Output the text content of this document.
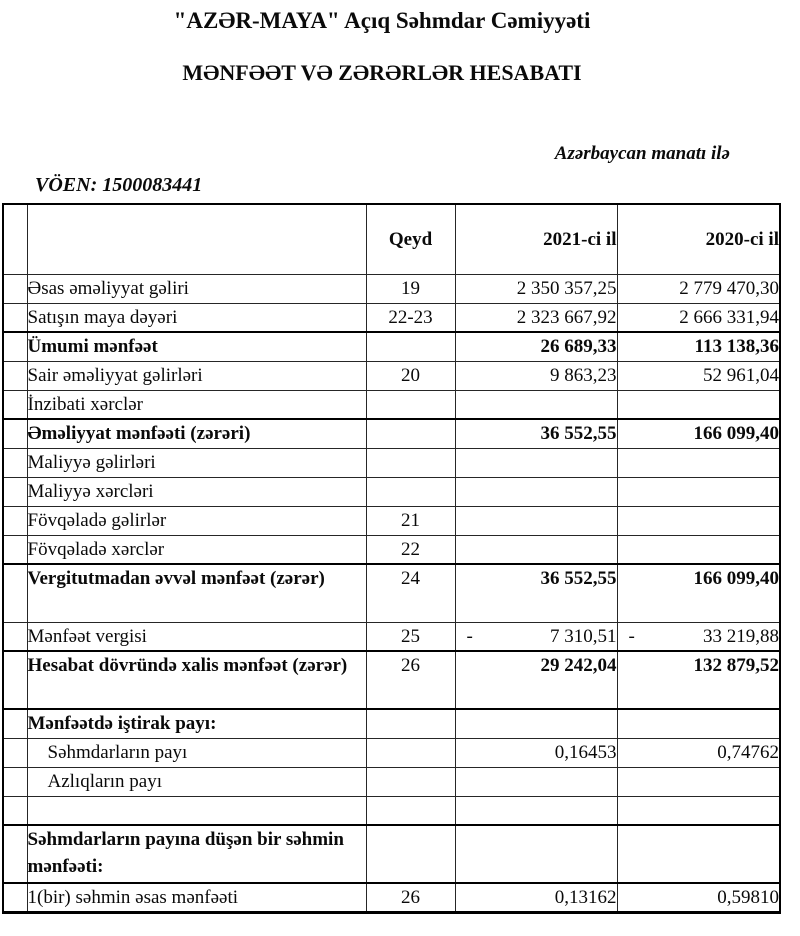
"AZƏR-MAYA" Açıq Səhmdar Cəmiyyəti
MƏNFƏƏT VƏ ZƏRƏRLƏR HESABATI
Azərbaycan manatı ilə
VÖEN: 1500083441
		Qeyd	2021-ci il	2020-ci il
	Əsas əməliyyat gəliri	19	2 350 357,25	2 779 470,30
	Satışın maya dəyəri	22-23	2 323 667,92	2 666 331,94
	Ümumi mənfəət		26 689,33	113 138,36
	Sair əməliyyat gəlirləri	20	9 863,23	52 961,04
	İnzibati xərclər			
	Əməliyyat mənfəəti (zərəri)		36 552,55	166 099,40
	Maliyyə gəlirləri			
	Maliyyə xərcləri			
	Fövqəladə gəlirlər	21		
	Fövqəladə xərclər	22		
	Vergitutmadan əvvəl mənfəət (zərər)	24	36 552,55	166 099,40
	Mənfəət vergisi	25	- 7 310,51	- 33 219,88
	Hesabat dövründə xalis mənfəət (zərər)	26	29 242,04	132 879,52
	Mənfəətdə iştirak payı:			
	Səhmdarların payı		0,16453	0,74762
	Azlıqların payı			

	Səhmdarların payına düşən bir səhmin mənfəəti:			
	1(bir) səhmin əsas mənfəəti	26	0,13162	0,59810
